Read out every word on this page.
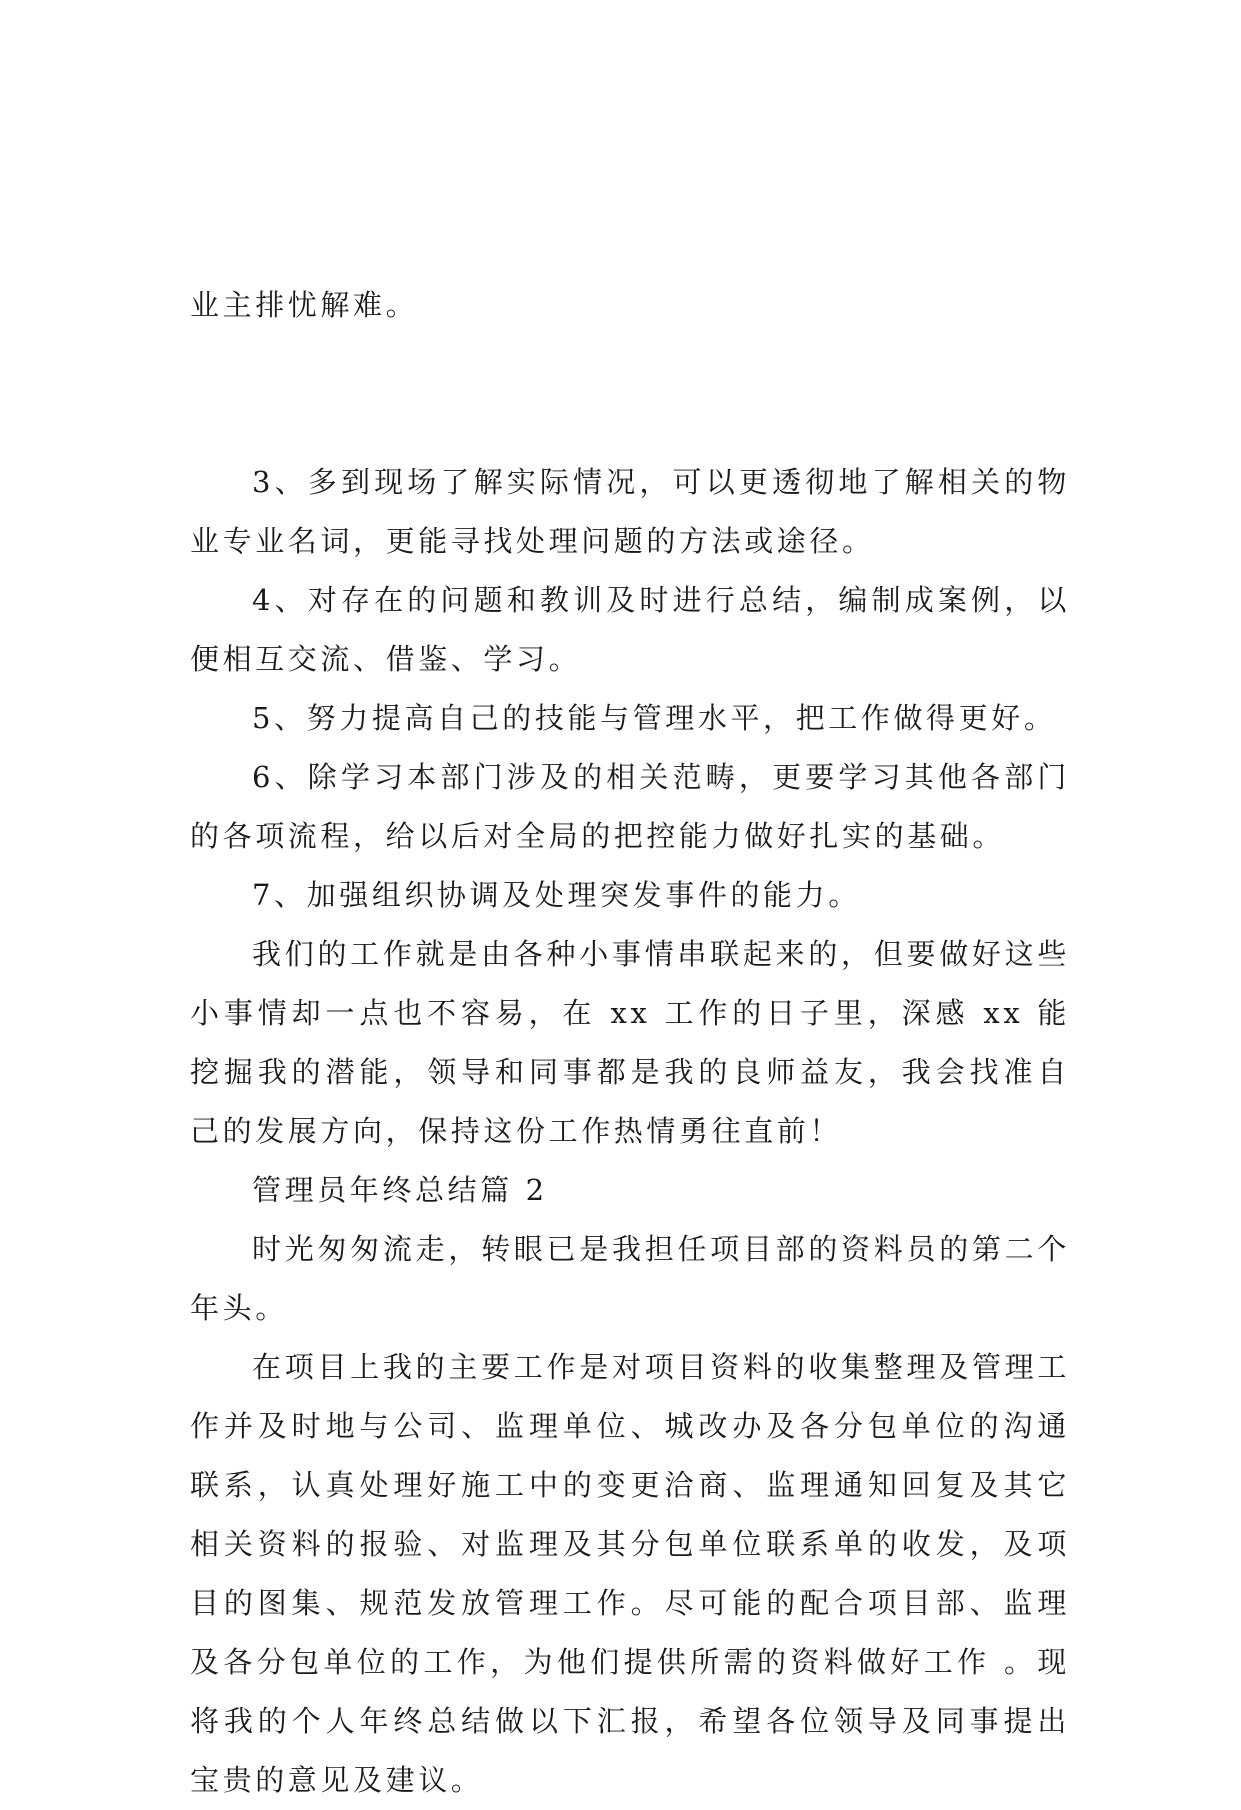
业主排忧解难。

3、多到现场了解实际情况，可以更透彻地了解相关的物业专业名词，更能寻找处理问题的方法或途径。

4、对存在的问题和教训及时进行总结，编制成案例，以便相互交流、借鉴、学习。

5、努力提高自己的技能与管理水平，把工作做得更好。

6、除学习本部门涉及的相关范畴，更要学习其他各部门的各项流程，给以后对全局的把控能力做好扎实的基础。

7、加强组织协调及处理突发事件的能力。

我们的工作就是由各种小事情串联起来的，但要做好这些小事情却一点也不容易，在 xx 工作的日子里，深感 xx 能挖掘我的潜能，领导和同事都是我的良师益友，我会找准自己的发展方向，保持这份工作热情勇往直前！

管理员年终总结篇 2

时光匆匆流走，转眼已是我担任项目部的资料员的第二个年头。

在项目上我的主要工作是对项目资料的收集整理及管理工作并及时地与公司、监理单位、城改办及各分包单位的沟通联系，认真处理好施工中的变更洽商、监理通知回复及其它相关资料的报验、对监理及其分包单位联系单的收发，及项目的图集、规范发放管理工作。尽可能的配合项目部、监理及各分包单位的工作，为他们提供所需的资料做好工作 。现将我的个人年终总结做以下汇报，希望各位领导及同事提出宝贵的意见及建议。
